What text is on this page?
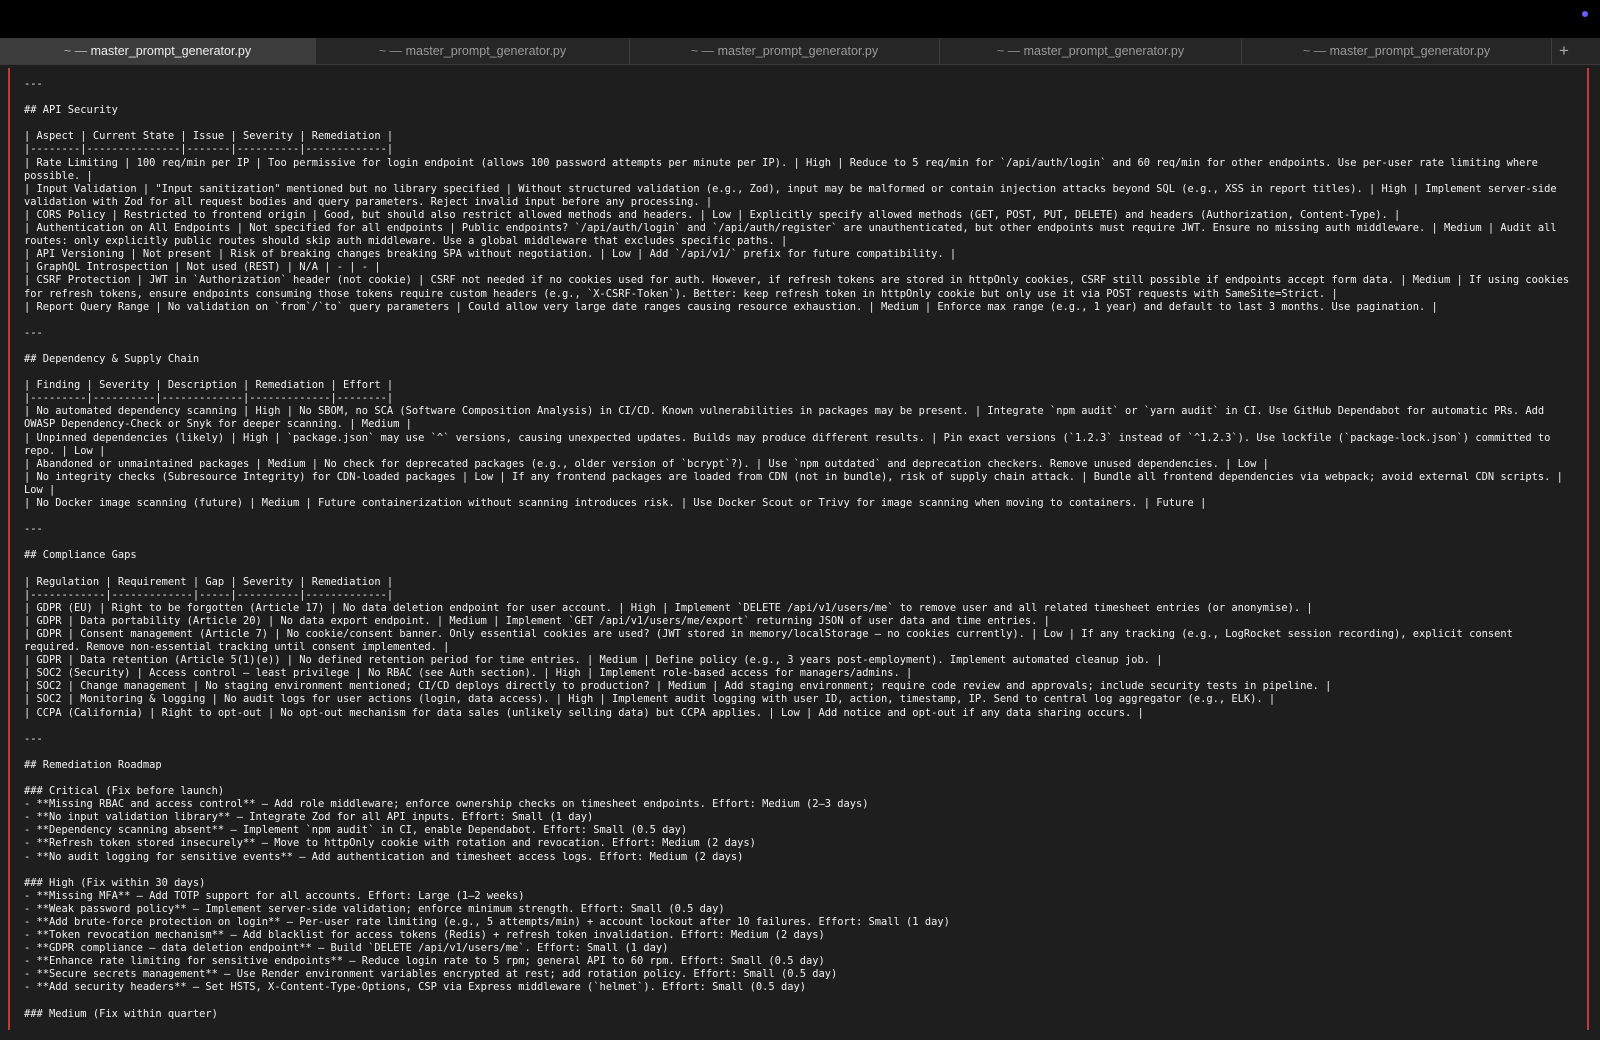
~ — master_prompt_generator.py	~ — master_prompt_generator.py	~ — master_prompt_generator.py	~ — master_prompt_generator.py	~ — master_prompt_generator.py	+
---
## API Security
| Aspect | Current State | Issue | Severity | Remediation |
|--------|---------------|-------|----------|-------------|
| Rate Limiting | 100 req/min per IP | Too permissive for login endpoint (allows 100 password attempts per minute per IP). | High | Reduce to 5 req/min for `/api/auth/login` and 60 req/min for other endpoints. Use per-user rate limiting where possible. |
| Input Validation | "Input sanitization" mentioned but no library specified | Without structured validation (e.g., Zod), input may be malformed or contain injection attacks beyond SQL (e.g., XSS in report titles). | High | Implement server-side validation with Zod for all request bodies and query parameters. Reject invalid input before any processing. |
| CORS Policy | Restricted to frontend origin | Good, but should also restrict allowed methods and headers. | Low | Explicitly specify allowed methods (GET, POST, PUT, DELETE) and headers (Authorization, Content-Type). |
| Authentication on All Endpoints | Not specified for all endpoints | Public endpoints? `/api/auth/login` and `/api/auth/register` are unauthenticated, but other endpoints must require JWT. Ensure no missing auth middleware. | Medium | Audit all routes: only explicitly public routes should skip auth middleware. Use a global middleware that excludes specific paths. |
| API Versioning | Not present | Risk of breaking changes breaking SPA without negotiation. | Low | Add `/api/v1/` prefix for future compatibility. |
| GraphQL Introspection | Not used (REST) | N/A | - | - |
| CSRF Protection | JWT in `Authorization` header (not cookie) | CSRF not needed if no cookies used for auth. However, if refresh tokens are stored in httpOnly cookies, CSRF still possible if endpoints accept form data. | Medium | If using cookies for refresh tokens, ensure endpoints consuming those tokens require custom headers (e.g., `X-CSRF-Token`). Better: keep refresh token in httpOnly cookie but only use it via POST requests with SameSite=Strict. |
| Report Query Range | No validation on `from`/`to` query parameters | Could allow very large date ranges causing resource exhaustion. | Medium | Enforce max range (e.g., 1 year) and default to last 3 months. Use pagination. |
---
## Dependency & Supply Chain
| Finding | Severity | Description | Remediation | Effort |
|---------|----------|-------------|-------------|--------|
| No automated dependency scanning | High | No SBOM, no SCA (Software Composition Analysis) in CI/CD. Known vulnerabilities in packages may be present. | Integrate `npm audit` or `yarn audit` in CI. Use GitHub Dependabot for automatic PRs. Add OWASP Dependency-Check or Snyk for deeper scanning. | Medium |
| Unpinned dependencies (likely) | High | `package.json` may use `^` versions, causing unexpected updates. Builds may produce different results. | Pin exact versions (`1.2.3` instead of `^1.2.3`). Use lockfile (`package-lock.json`) committed to repo. | Low |
| Abandoned or unmaintained packages | Medium | No check for deprecated packages (e.g., older version of `bcrypt`?). | Use `npm outdated` and deprecation checkers. Remove unused dependencies. | Low |
| No integrity checks (Subresource Integrity) for CDN-loaded packages | Low | If any frontend packages are loaded from CDN (not in bundle), risk of supply chain attack. | Bundle all frontend dependencies via webpack; avoid external CDN scripts. | Low |
| No Docker image scanning (future) | Medium | Future containerization without scanning introduces risk. | Use Docker Scout or Trivy for image scanning when moving to containers. | Future |
---
## Compliance Gaps
| Regulation | Requirement | Gap | Severity | Remediation |
|------------|-------------|-----|----------|-------------|
| GDPR (EU) | Right to be forgotten (Article 17) | No data deletion endpoint for user account. | High | Implement `DELETE /api/v1/users/me` to remove user and all related timesheet entries (or anonymise). |
| GDPR | Data portability (Article 20) | No data export endpoint. | Medium | Implement `GET /api/v1/users/me/export` returning JSON of user data and time entries. |
| GDPR | Consent management (Article 7) | No cookie/consent banner. Only essential cookies are used? (JWT stored in memory/localStorage — no cookies currently). | Low | If any tracking (e.g., LogRocket session recording), explicit consent required. Remove non-essential tracking until consent implemented. |
| GDPR | Data retention (Article 5(1)(e)) | No defined retention period for time entries. | Medium | Define policy (e.g., 3 years post-employment). Implement automated cleanup job. |
| SOC2 (Security) | Access control — least privilege | No RBAC (see Auth section). | High | Implement role-based access for managers/admins. |
| SOC2 | Change management | No staging environment mentioned; CI/CD deploys directly to production? | Medium | Add staging environment; require code review and approvals; include security tests in pipeline. |
| SOC2 | Monitoring & logging | No audit logs for user actions (login, data access). | High | Implement audit logging with user ID, action, timestamp, IP. Send to central log aggregator (e.g., ELK). |
| CCPA (California) | Right to opt-out | No opt-out mechanism for data sales (unlikely selling data) but CCPA applies. | Low | Add notice and opt-out if any data sharing occurs. |
---
## Remediation Roadmap
### Critical (Fix before launch)
- **Missing RBAC and access control** — Add role middleware; enforce ownership checks on timesheet endpoints. Effort: Medium (2–3 days)
- **No input validation library** — Integrate Zod for all API inputs. Effort: Small (1 day)
- **Dependency scanning absent** — Implement `npm audit` in CI, enable Dependabot. Effort: Small (0.5 day)
- **Refresh token stored insecurely** — Move to httpOnly cookie with rotation and revocation. Effort: Medium (2 days)
- **No audit logging for sensitive events** — Add authentication and timesheet access logs. Effort: Medium (2 days)
### High (Fix within 30 days)
- **Missing MFA** — Add TOTP support for all accounts. Effort: Large (1–2 weeks)
- **Weak password policy** — Implement server-side validation; enforce minimum strength. Effort: Small (0.5 day)
- **Add brute-force protection on login** — Per-user rate limiting (e.g., 5 attempts/min) + account lockout after 10 failures. Effort: Small (1 day)
- **Token revocation mechanism** — Add blacklist for access tokens (Redis) + refresh token invalidation. Effort: Medium (2 days)
- **GDPR compliance — data deletion endpoint** — Build `DELETE /api/v1/users/me`. Effort: Small (1 day)
- **Enhance rate limiting for sensitive endpoints** — Reduce login rate to 5 rpm; general API to 60 rpm. Effort: Small (0.5 day)
- **Secure secrets management** — Use Render environment variables encrypted at rest; add rotation policy. Effort: Small (0.5 day)
- **Add security headers** — Set HSTS, X-Content-Type-Options, CSP via Express middleware (`helmet`). Effort: Small (0.5 day)
### Medium (Fix within quarter)
